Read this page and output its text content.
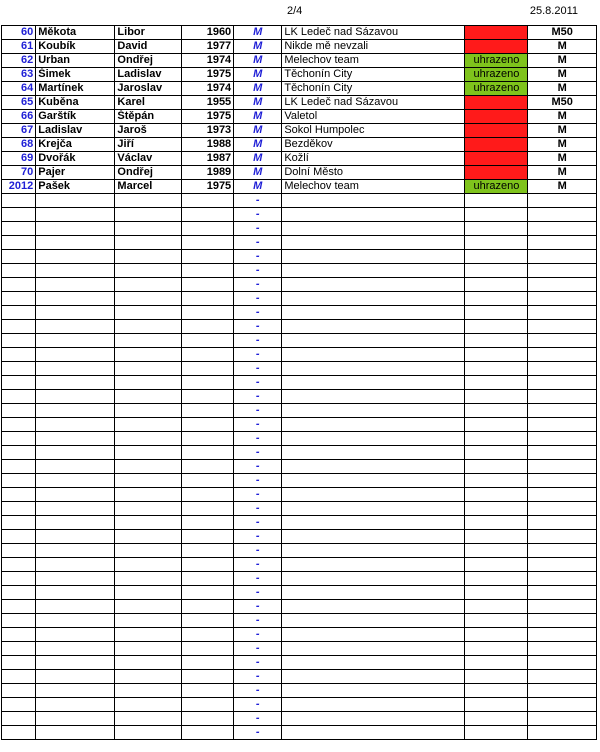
2/4	25.8.2011
60	Měkota	Libor	1960	M	LK Ledeč nad Sázavou		M50
61	Koubík	David	1977	M	Nikde mě nevzali		M
62	Urban	Ondřej	1974	M	Melechov team	uhrazeno	M
63	Šimek	Ladislav	1975	M	Těchonín City	uhrazeno	M
64	Martínek	Jaroslav	1974	M	Těchonín City	uhrazeno	M
65	Kuběna	Karel	1955	M	LK Ledeč nad Sázavou		M50
66	Garštík	Štěpán	1975	M	Valetol		M
67	Ladislav	Jaroš	1973	M	Sokol Humpolec		M
68	Krejča	Jiří	1988	M	Bezděkov		M
69	Dvořák	Václav	1987	M	Kožlí		M
70	Pajer	Ondřej	1989	M	Dolní Město		M
2012	Pašek	Marcel	1975	M	Melechov team	uhrazeno	M
				-			
				-			
				-			
				-			
				-			
				-			
				-			
				-			
				-			
				-			
				-			
				-			
				-			
				-			
				-			
				-			
				-			
				-			
				-			
				-			
				-			
				-			
				-			
				-			
				-			
				-			
				-			
				-			
				-			
				-			
				-			
				-			
				-			
				-			
				-			
				-			
				-			
				-			
				-			
